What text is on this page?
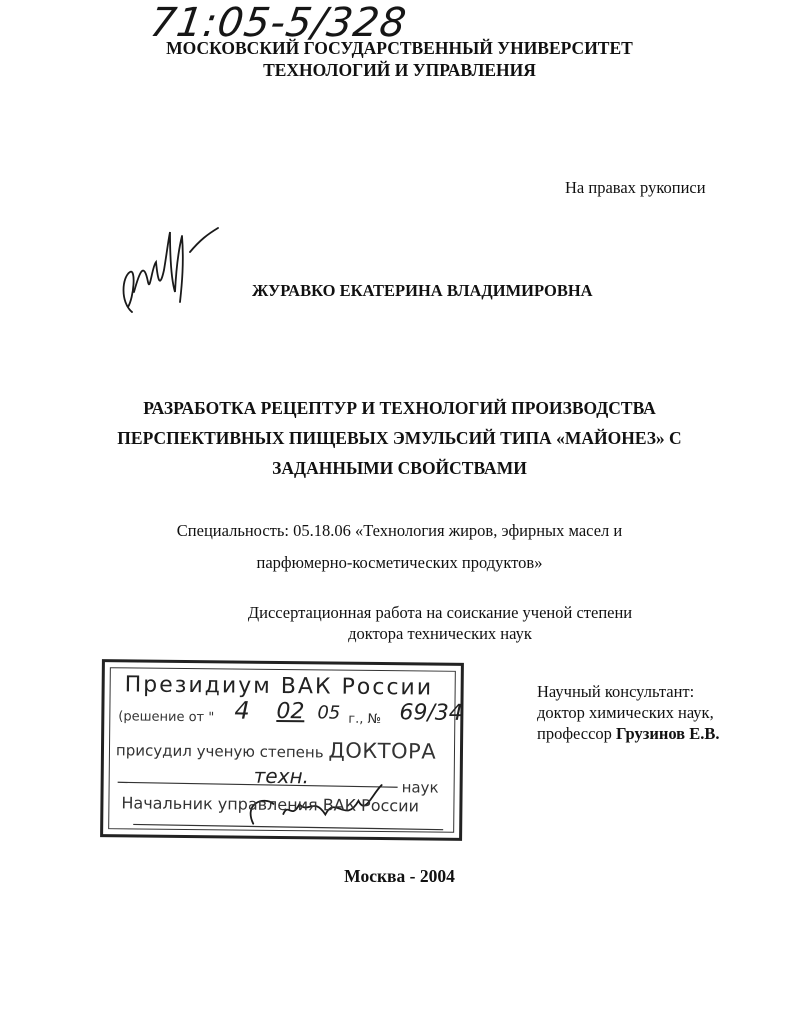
71:05-5/328
МОСКОВСКИЙ ГОСУДАРСТВЕННЫЙ УНИВЕРСИТЕТ
ТЕХНОЛОГИЙ И УПРАВЛЕНИЯ
На правах рукописи
ЖУРАВКО ЕКАТЕРИНА ВЛАДИМИРОВНА
РАЗРАБОТКА РЕЦЕПТУР И ТЕХНОЛОГИЙ ПРОИЗВОДСТВА
ПЕРСПЕКТИВНЫХ ПИЩЕВЫХ ЭМУЛЬСИЙ ТИПА «МАЙОНЕЗ» С
ЗАДАННЫМИ СВОЙСТВАМИ
Специальность: 05.18.06 «Технология жиров, эфирных масел и
парфюмерно-косметических продуктов»
Диссертационная работа на соискание ученой степени
доктора технических наук
Президиум ВАК России
(решение от " 4 02 05 г., № 69/34
присудил ученую степень ДОКТОРА
техн.	наук
Начальник управления ВАК России
Научный консультант:
доктор химических наук,
профессор Грузинов Е.В.
Москва - 2004
